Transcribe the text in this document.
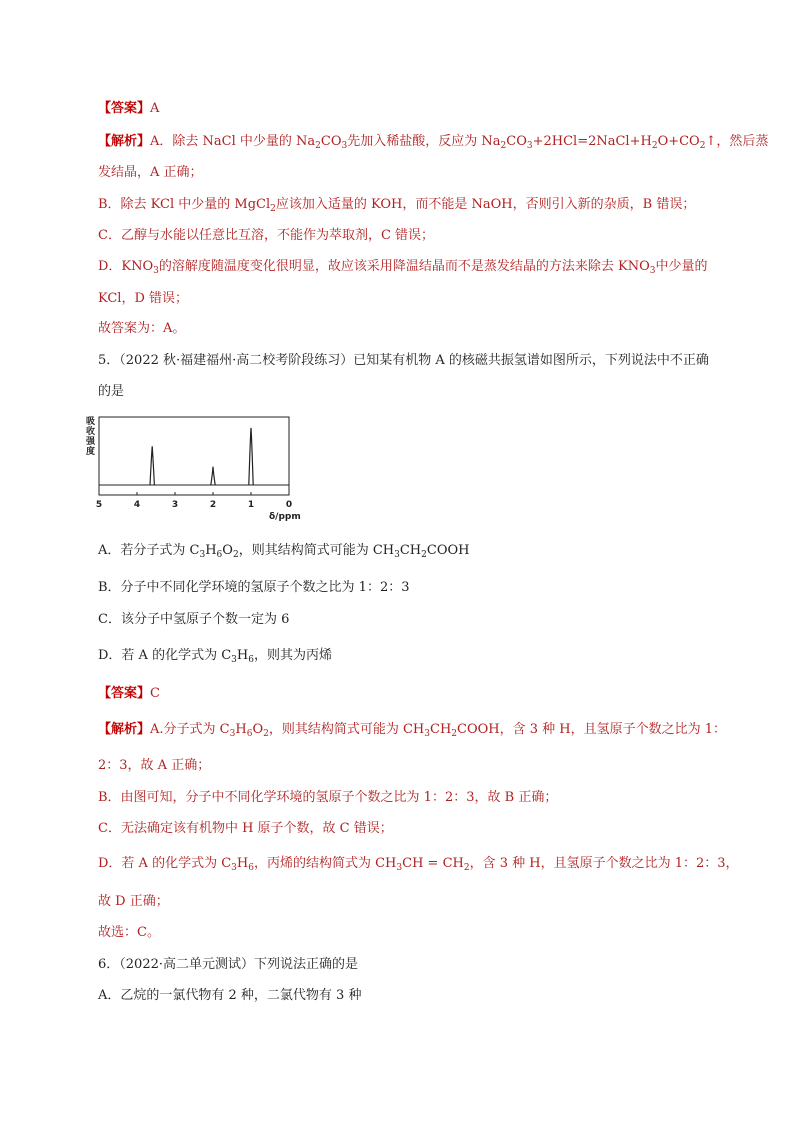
【答案】A
【解析】A．除去 NaCl 中少量的 $Na_2CO_3$先加入稀盐酸，反应为 $Na_2CO_3+2HCl=2NaCl+H_2O+CO_2↑$，然后蒸
发结晶，A 正确；
B．除去 KCl 中少量的 MgCl$_2$应该加入适量的 KOH，而不能是 NaOH，否则引入新的杂质，B 错误；
C．乙醇与水能以任意比互溶，不能作为萃取剂，C 错误；
D．$KNO_3$的溶解度随温度变化很明显，故应该采用降温结晶而不是蒸发结晶的方法来除去 $KNO_3$中少量的
KCl，D 错误；
故答案为：A。
5．（2022 秋·福建福州·高二校考阶段练习）已知某有机物 A 的核磁共振氢谱如图所示，下列说法中不正确
的是
吸
收
强
度
5	4	3	2	1	0
δ/ppm
A．若分子式为 $C_3H_6O_2$，则其结构简式可能为 $CH_3CH_2COOH$
B．分子中不同化学环境的氢原子个数之比为 1：2：3
C．该分子中氢原子个数一定为 6
D．若 A 的化学式为 $C_3H_6$，则其为丙烯
【答案】C
【解析】A.分子式为 $C_3H_6O_2$，则其结构简式可能为 $CH_3CH_2COOH$，含 3 种 H，且氢原子个数之比为 1：
2：3，故 A 正确；
B．由图可知，分子中不同化学环境的氢原子个数之比为 1：2：3，故 B 正确；
C．无法确定该有机物中 H 原子个数，故 C 错误；
D．若 A 的化学式为 $C_3H_6$，丙烯的结构简式为 $CH_3CH = CH_2$，含 3 种 H，且氢原子个数之比为 1：2：3，
故 D 正确；
故选：C。
6．（2022·高二单元测试）下列说法正确的是
A．乙烷的一氯代物有 2 种，二氯代物有 3 种
